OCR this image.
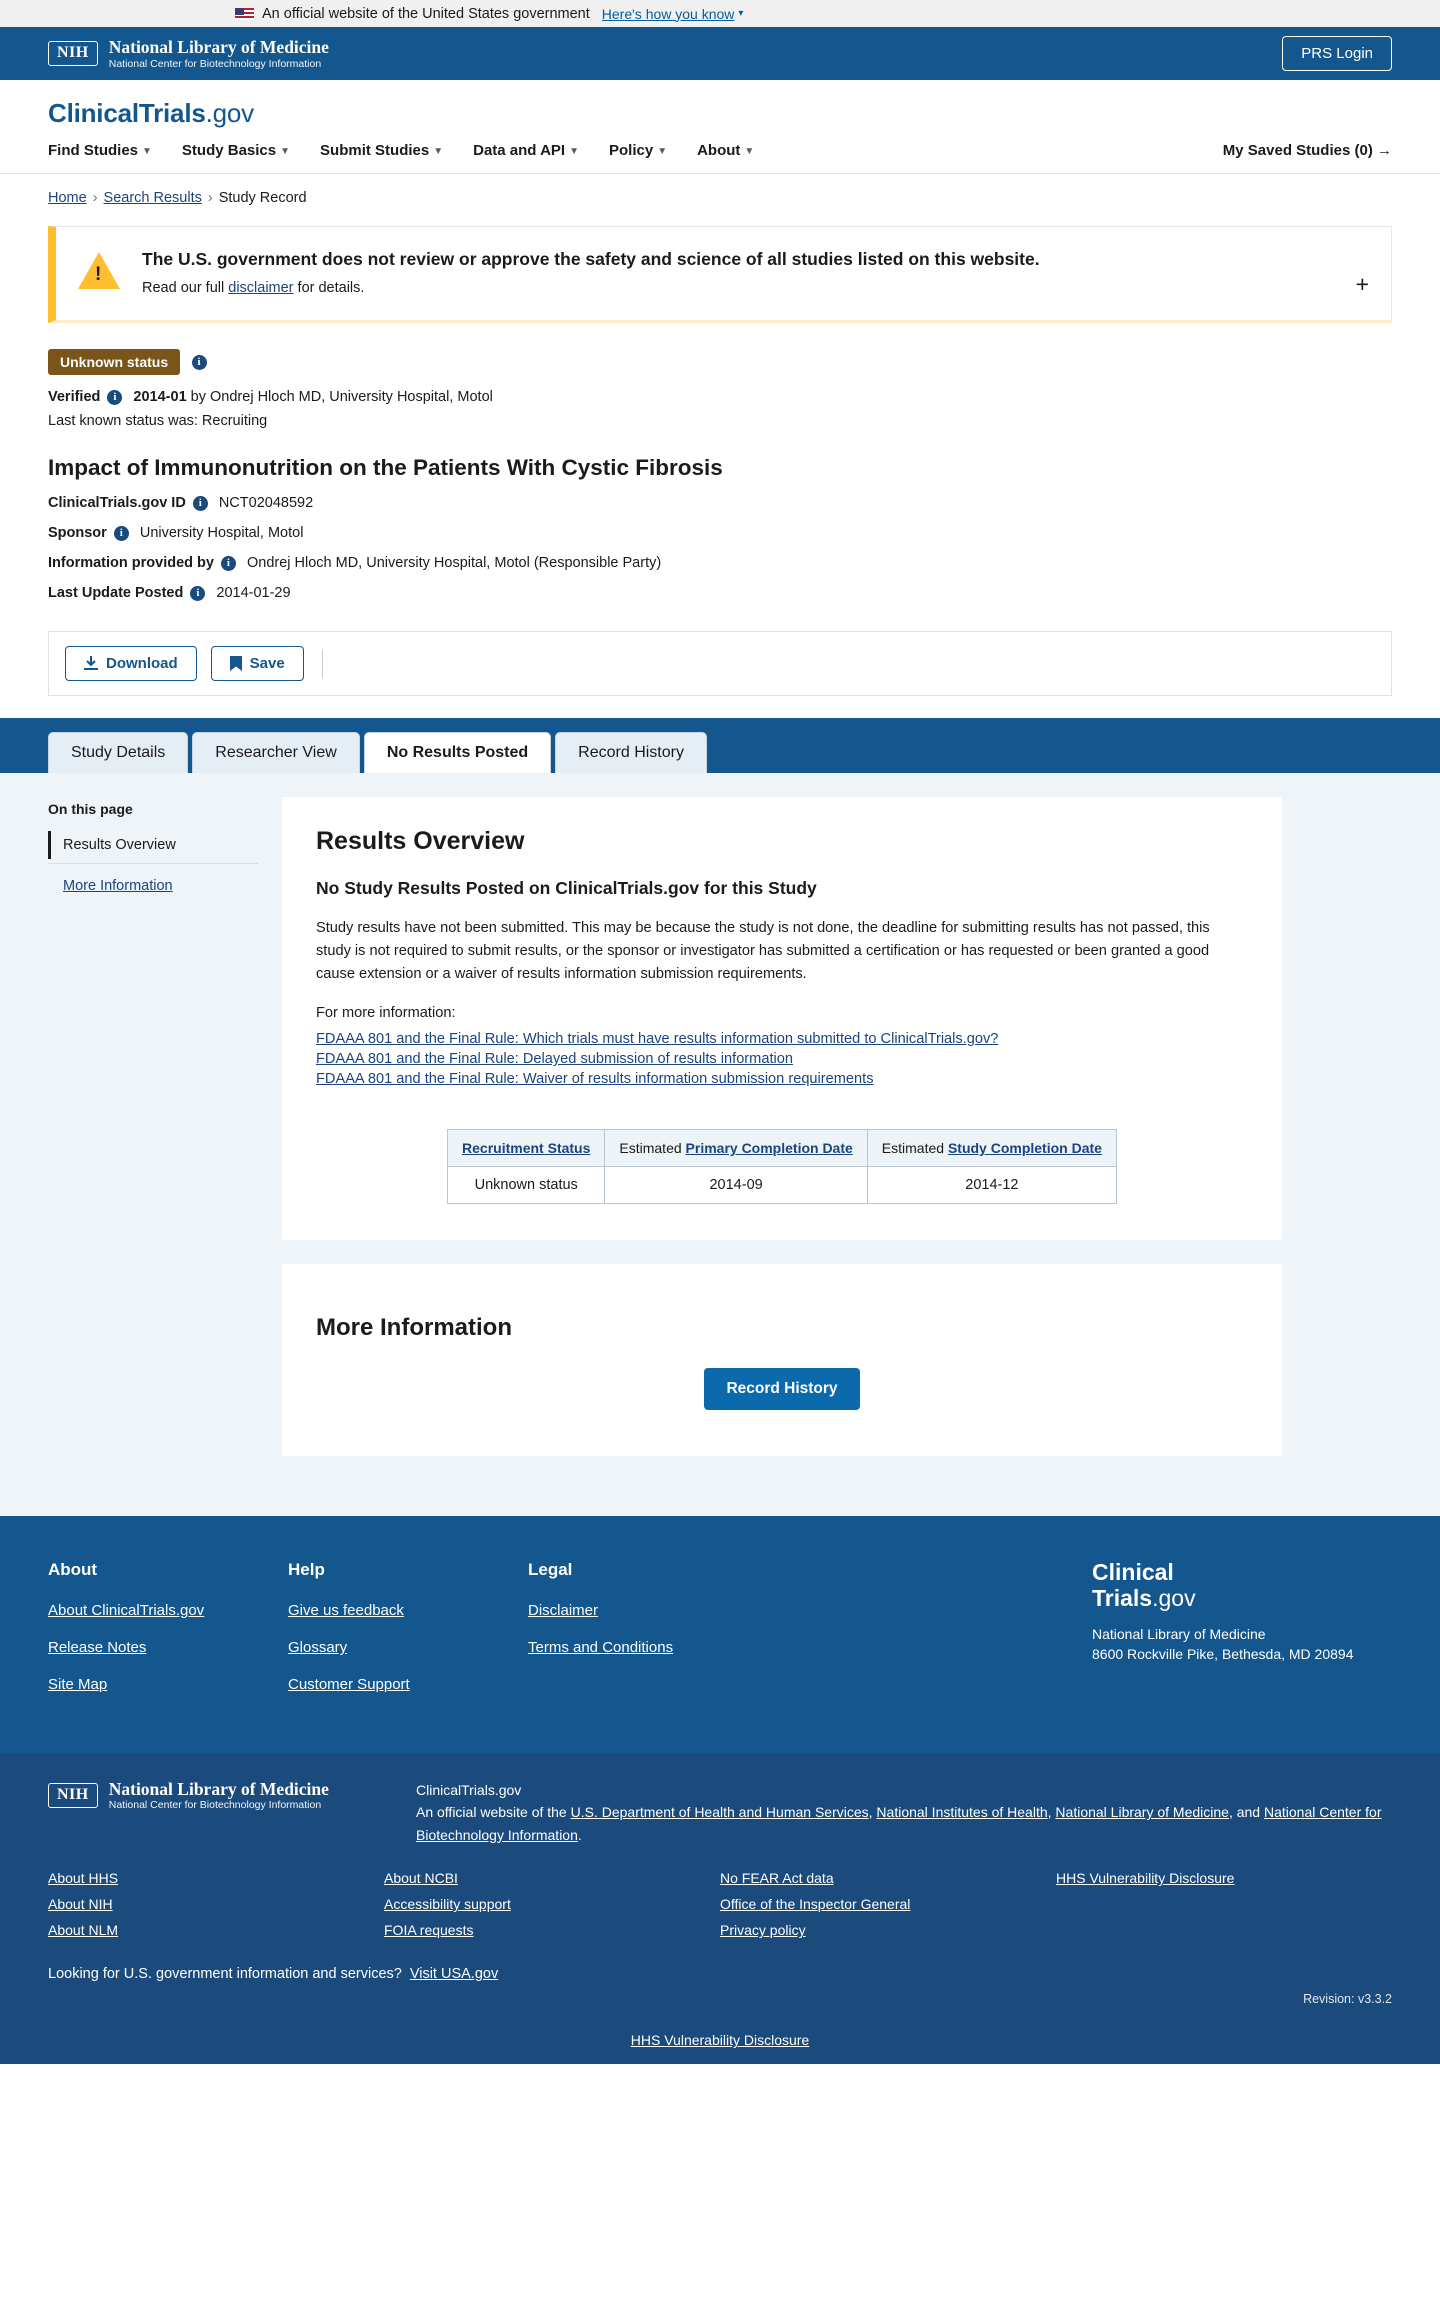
An official website of the United States government Here's how you know ▾
NIH	National Library of Medicine
National Center for Biotechnology Information
PRS Login
ClinicalTrials.gov
Find Studies ▼ Study Basics ▼ Submit Studies ▼ Data and API ▼ Policy ▼ About ▼	My Saved Studies (0) →
Home › Search Results › Study Record
!
The U.S. government does not review or approve the safety and science of all studies listed on this website.

Read our full disclaimer for details.	+
Unknown status	i
Verified i 2014-01 by Ondrej Hloch MD, University Hospital, Motol
Last known status was: Recruiting
Impact of Immunonutrition on the Patients With Cystic Fibrosis
ClinicalTrials.gov ID i NCT02048592
Sponsor i University Hospital, Motol
Information provided by i Ondrej Hloch MD, University Hospital, Motol (Responsible Party)
Last Update Posted i 2014-01-29
Download	Save
Study Details	Researcher View	No Results Posted	Record History
On this page
Results Overview
More Information
Results Overview
No Study Results Posted on ClinicalTrials.gov for this Study

Study results have not been submitted. This may be because the study is not done, the deadline for submitting results has not passed, this study is not required to submit results, or the sponsor or investigator has submitted a certification or has requested or been granted a good cause extension or a waiver of results information submission requirements.

For more information:

FDAAA 801 and the Final Rule: Which trials must have results information submitted to ClinicalTrials.gov?
FDAAA 801 and the Final Rule: Delayed submission of results information
FDAAA 801 and the Final Rule: Waiver of results information submission requirements
Recruitment Status	Estimated Primary Completion Date	Estimated Study Completion Date
Unknown status	2014-09	2014-12
More Information
Record History
About
About ClinicalTrials.gov
Release Notes
Site Map
Help
Give us feedback
Glossary
Customer Support
Legal
Disclaimer
Terms and Conditions
Clinical
Trials.gov
National Library of Medicine
8600 Rockville Pike, Bethesda, MD 20894
NIH	National Library of Medicine
National Center for Biotechnology Information
ClinicalTrials.gov
An official website of the U.S. Department of Health and Human Services, National Institutes of Health, National Library of Medicine, and National Center for Biotechnology Information.
About HHS
About NIH
About NLM
About NCBI
Accessibility support
FOIA requests
No FEAR Act data
Office of the Inspector General
Privacy policy
HHS Vulnerability Disclosure
Looking for U.S. government information and services? Visit USA.gov
Revision: v3.3.2
HHS Vulnerability Disclosure
